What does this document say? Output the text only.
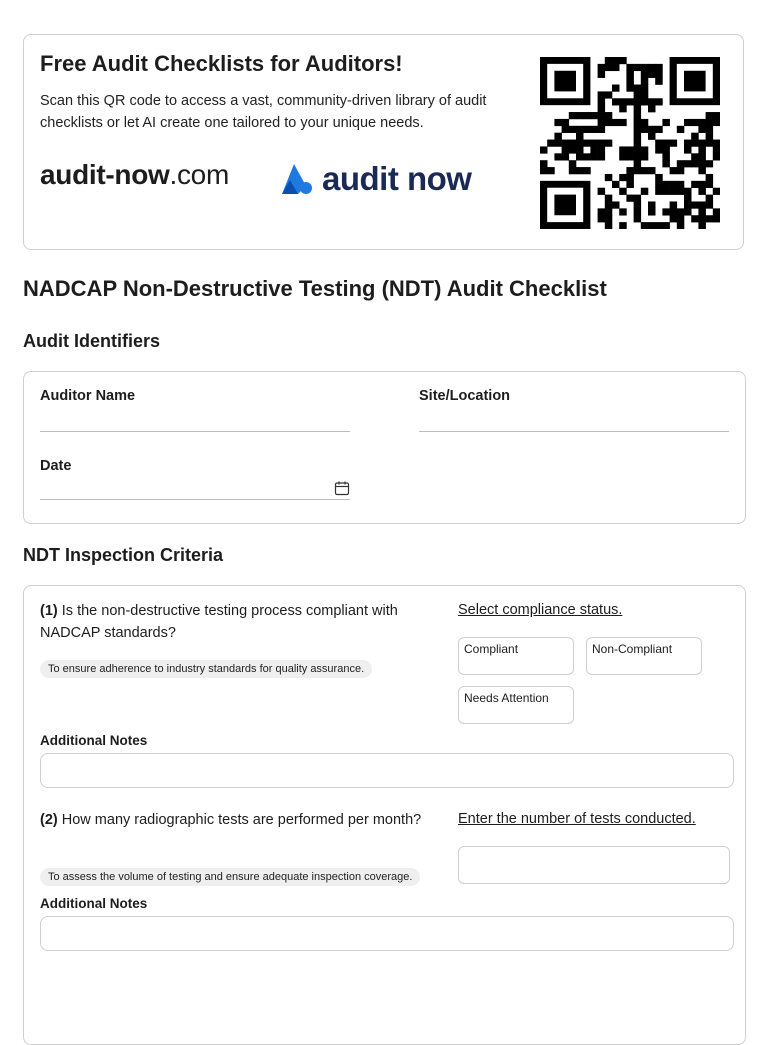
Free Audit Checklists for Auditors!
Scan this QR code to access a vast, community-driven library of audit checklists or let AI create one tailored to your unique needs.
audit-now.com	audit now
NADCAP Non-Destructive Testing (NDT) Audit Checklist
Audit Identifiers
Auditor Name	Site/Location
Date
NDT Inspection Criteria
(1) Is the non-destructive testing process compliant with NADCAP standards?
To ensure adherence to industry standards for quality assurance.
Select compliance status.
Compliant	Non-Compliant
Needs Attention
Additional Notes
(2) How many radiographic tests are performed per month?
To assess the volume of testing and ensure adequate inspection coverage.
Enter the number of tests conducted.
Additional Notes
